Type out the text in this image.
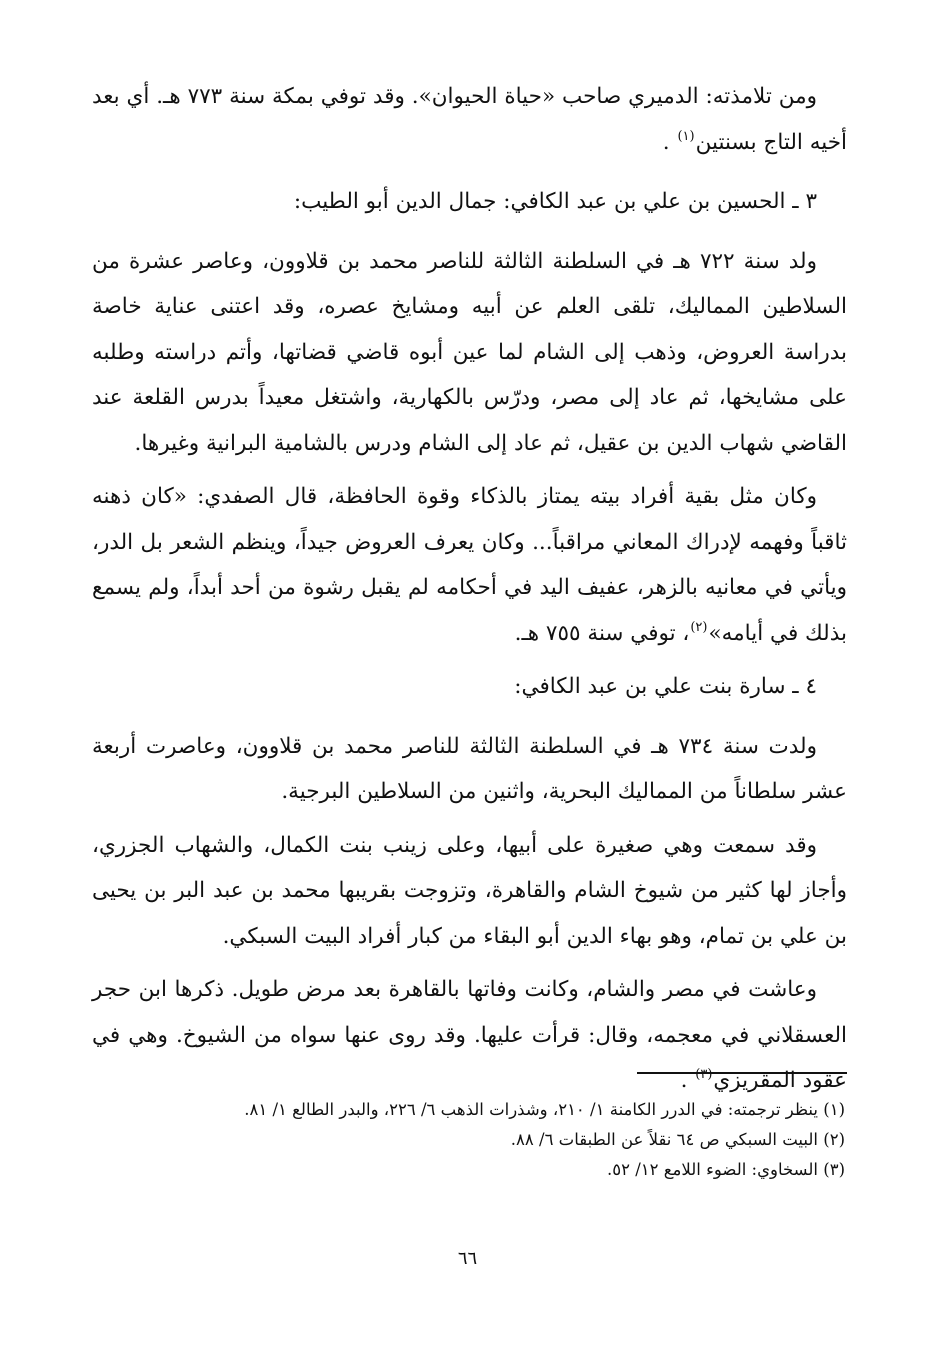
ومن تلامذته: الدميري صاحب «حياة الحيوان». وقد توفي بمكة سنة ٧٧٣ هـ. أي بعد أخيه التاج بسنتين$^{(١)}$ .

٣ ـ الحسين بن علي بن عبد الكافي: جمال الدين أبو الطيب:

ولد سنة ٧٢٢ هـ في السلطنة الثالثة للناصر محمد بن قلاوون، وعاصر عشرة من السلاطين المماليك، تلقى العلم عن أبيه ومشايخ عصره، وقد اعتنى عناية خاصة بدراسة العروض، وذهب إلى الشام لما عين أبوه قاضي قضاتها، وأتم دراسته وطلبه على مشايخها، ثم عاد إلى مصر، ودرّس بالكهارية، واشتغل معيداً بدرس القلعة عند القاضي شهاب الدين بن عقيل، ثم عاد إلى الشام ودرس بالشامية البرانية وغيرها.

وكان مثل بقية أفراد بيته يمتاز بالذكاء وقوة الحافظة، قال الصفدي: «كان ذهنه ثاقباً وفهمه لإدراك المعاني مراقباً... وكان يعرف العروض جيداً، وينظم الشعر بل الدر، ويأتي في معانيه بالزهر، عفيف اليد في أحكامه لم يقبل رشوة من أحد أبداً، ولم يسمع بذلك في أيامه»$^{(٢)}$، توفي سنة ٧٥٥ هـ.

٤ ـ سارة بنت علي بن عبد الكافي:

ولدت سنة ٧٣٤ هـ في السلطنة الثالثة للناصر محمد بن قلاوون، وعاصرت أربعة عشر سلطاناً من المماليك البحرية، واثنين من السلاطين البرجية.

وقد سمعت وهي صغيرة على أبيها، وعلى زينب بنت الكمال، والشهاب الجزري، وأجاز لها كثير من شيوخ الشام والقاهرة، وتزوجت بقريبها محمد بن عبد البر بن يحيى بن علي بن تمام، وهو بهاء الدين أبو البقاء من كبار أفراد البيت السبكي.

وعاشت في مصر والشام، وكانت وفاتها بالقاهرة بعد مرض طويل. ذكرها ابن حجر العسقلاني في معجمه، وقال: قرأت عليها. وقد روى عنها سواه من الشيوخ. وهي في عقود المقريزي$^{(٣)}$ .

(١) ينظر ترجمته: في الدرر الكامنة ١/ ٢١٠، وشذرات الذهب ٦/ ٢٢٦، والبدر الطالع ١/ ٨١.

(٢) البيت السبكي ص ٦٤ نقلاً عن الطبقات ٦/ ٨٨.

(٣) السخاوي: الضوء اللامع ١٢/ ٥٢.

٦٦
